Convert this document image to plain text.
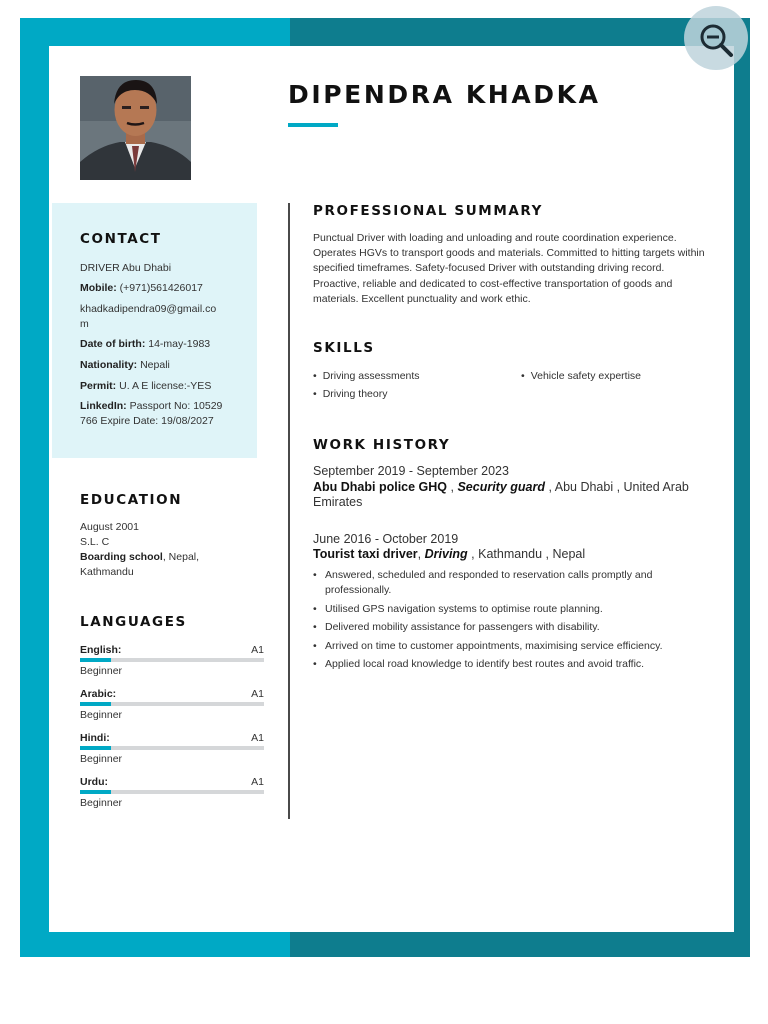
DIPENDRA KHADKA
CONTACT
DRIVER Abu Dhabi
Mobile: (+971)561426017
khadkadipendra09@gmail.co
m
Date of birth: 14-may-1983
Nationality: Nepali
Permit: U. A E license:-YES
LinkedIn: Passport No: 10529
766 Expire Date: 19/08/2027
EDUCATION
August 2001
S.L. C
Boarding school, Nepal,
Kathmandu
LANGUAGES
English:	A1
Beginner
Arabic:	A1
Beginner
Hindi:	A1
Beginner
Urdu:	A1
Beginner
PROFESSIONAL SUMMARY

Punctual Driver with loading and unloading and route coordination experience. Operates HGVs to transport goods and materials. Committed to hitting targets within specified timeframes. Safety-focused Driver with outstanding driving record. Proactive, reliable and dedicated to cost-effective transportation of goods and materials. Excellent punctuality and work ethic.

SKILLS
• Driving assessments
•	Vehicle safety expertise
• Driving theory
WORK HISTORY
September 2019 - September 2023
Abu Dhabi police GHQ , Security guard , Abu Dhabi , United Arab Emirates
June 2016 - October 2019
Tourist taxi driver, Driving , Kathmandu , Nepal
• Answered, scheduled and responded to reservation calls promptly and professionally.
• Utilised GPS navigation systems to optimise route planning.
• Delivered mobility assistance for passengers with disability.
• Arrived on time to customer appointments, maximising service efficiency.
• Applied local road knowledge to identify best routes and avoid traffic.
